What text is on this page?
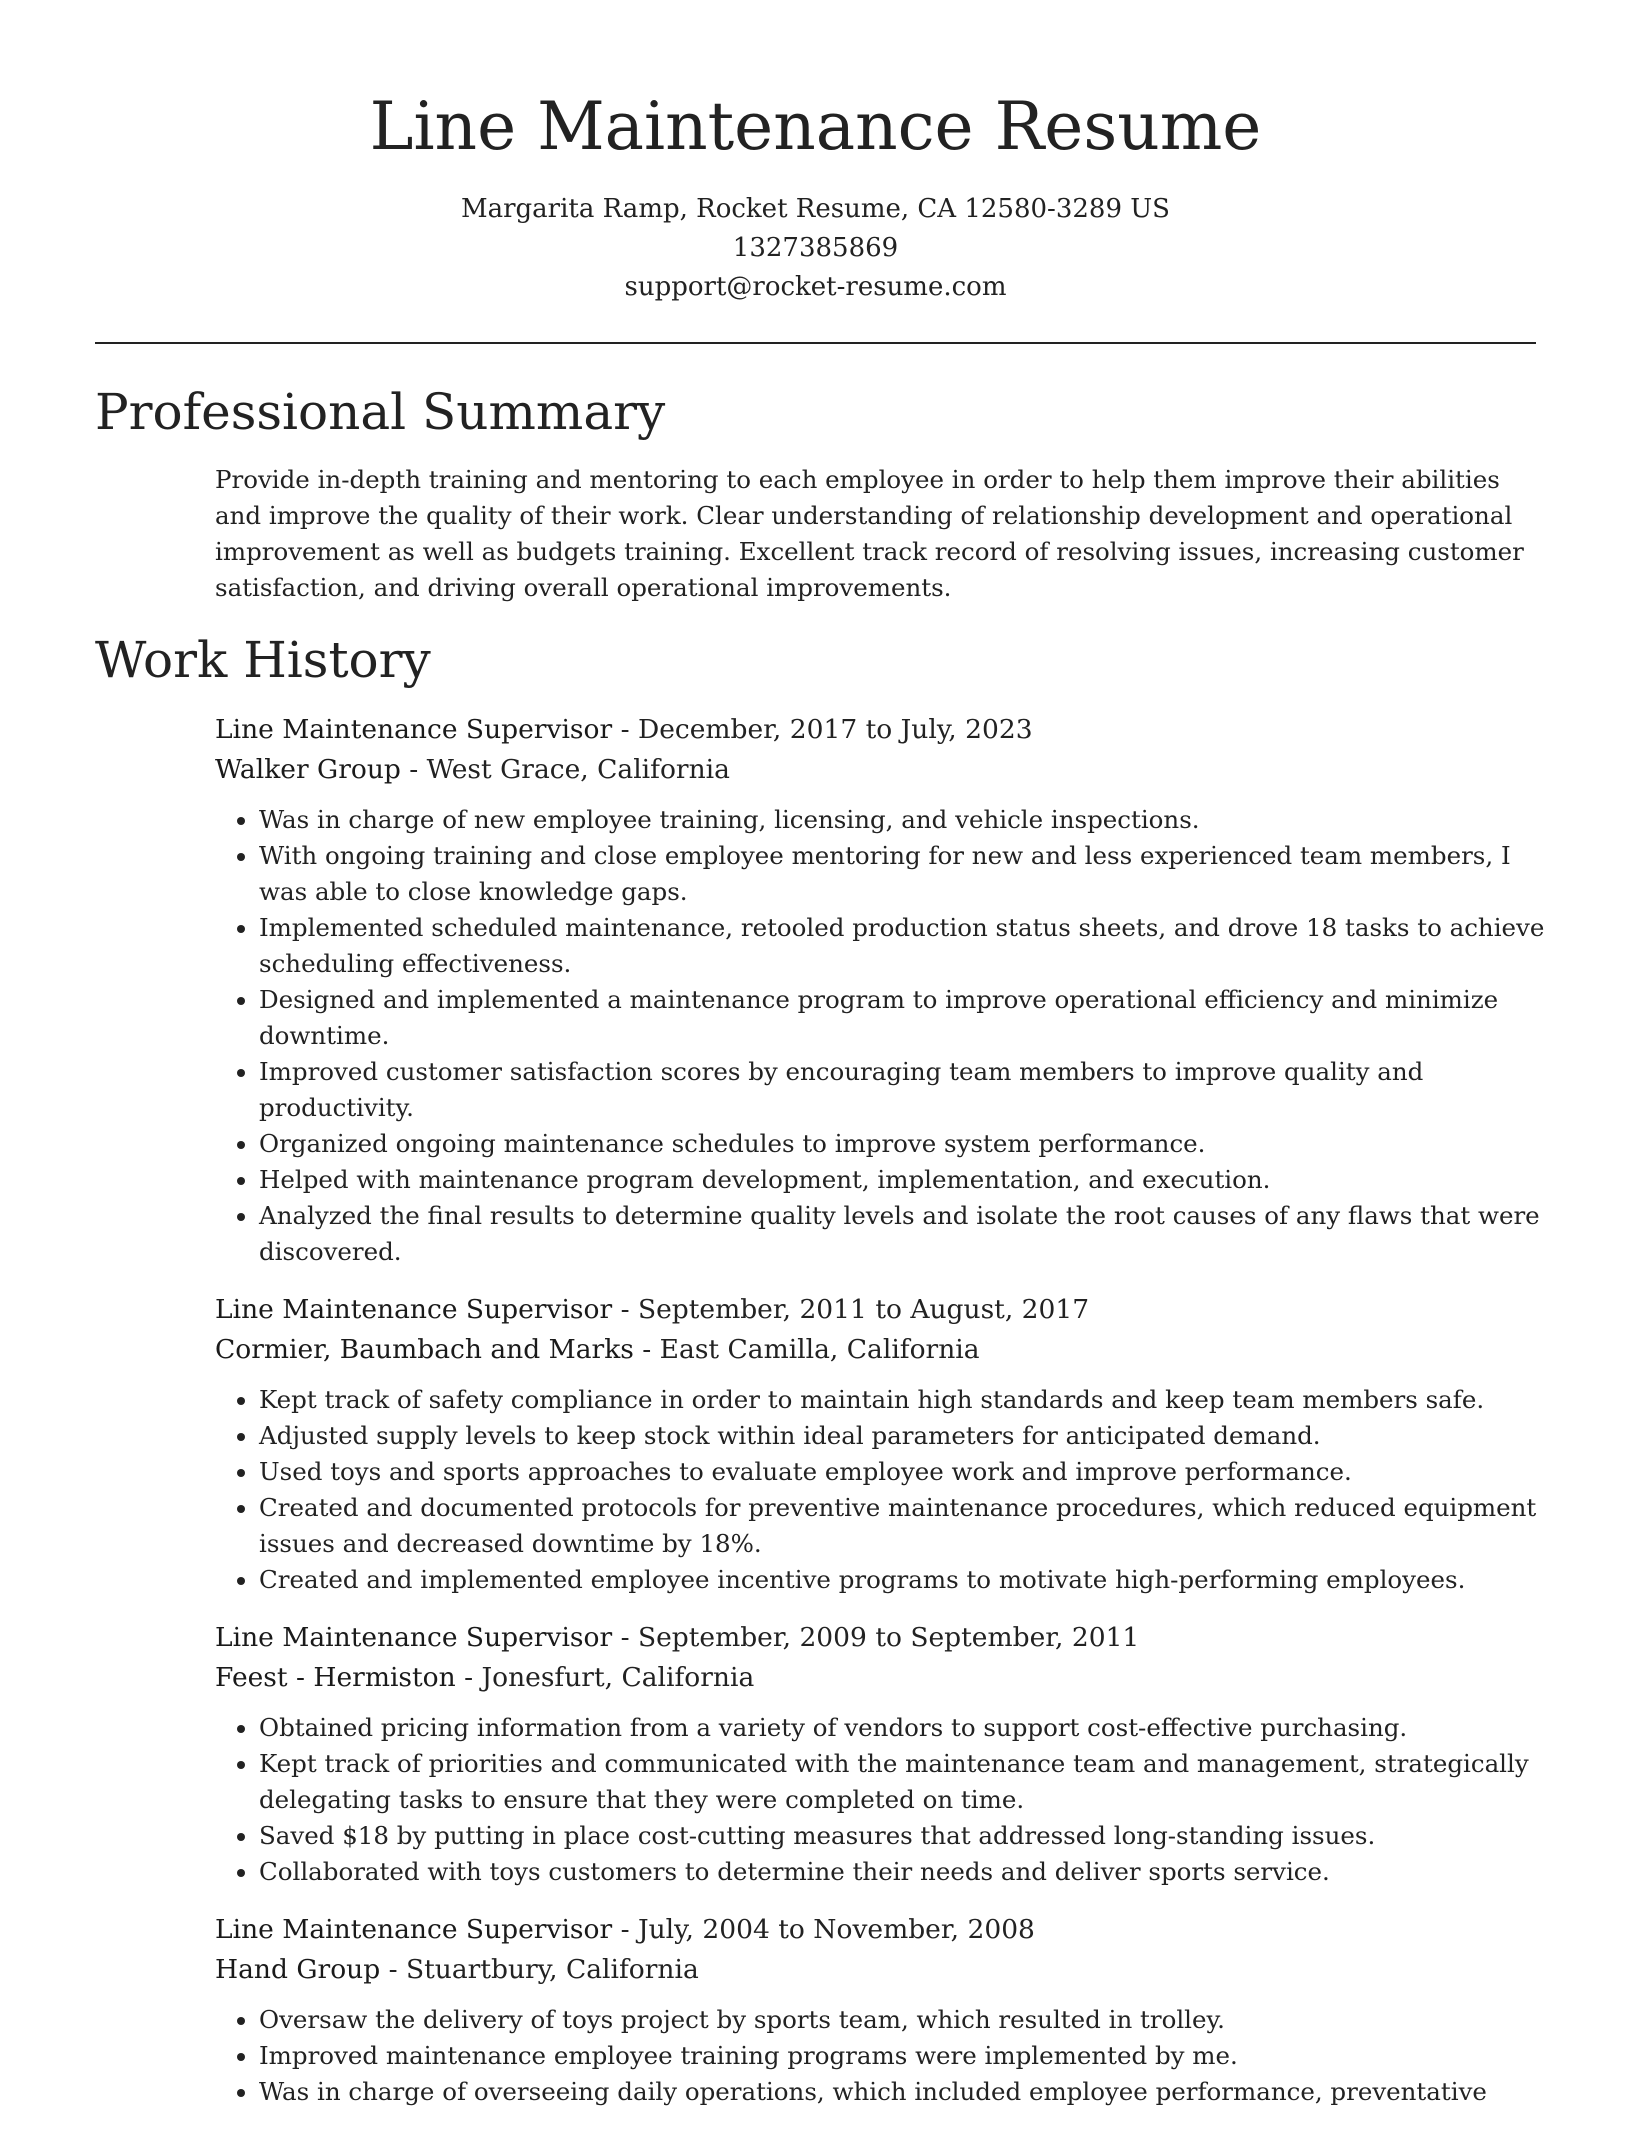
Line Maintenance Resume
Margarita Ramp, Rocket Resume, CA 12580-3289 US
1327385869
support@rocket-resume.com
Professional Summary

Provide in-depth training and mentoring to each employee in order to help them improve their abilities and improve the quality of their work. Clear understanding of relationship development and operational improvement as well as budgets training. Excellent track record of resolving issues, increasing customer satisfaction, and driving overall operational improvements.

Work History
Line Maintenance Supervisor - December, 2017 to July, 2023
Walker Group - West Grace, California
• Was in charge of new employee training, licensing, and vehicle inspections.
• With ongoing training and close employee mentoring for new and less experienced team members, I was able to close knowledge gaps.
• Implemented scheduled maintenance, retooled production status sheets, and drove 18 tasks to achieve scheduling effectiveness.
• Designed and implemented a maintenance program to improve operational efficiency and minimize downtime.
• Improved customer satisfaction scores by encouraging team members to improve quality and productivity.
• Organized ongoing maintenance schedules to improve system performance.
• Helped with maintenance program development, implementation, and execution.
• Analyzed the final results to determine quality levels and isolate the root causes of any flaws that were discovered.
Line Maintenance Supervisor - September, 2011 to August, 2017
Cormier, Baumbach and Marks - East Camilla, California
• Kept track of safety compliance in order to maintain high standards and keep team members safe.
• Adjusted supply levels to keep stock within ideal parameters for anticipated demand.
• Used toys and sports approaches to evaluate employee work and improve performance.
• Created and documented protocols for preventive maintenance procedures, which reduced equipment issues and decreased downtime by 18%.
• Created and implemented employee incentive programs to motivate high-performing employees.
Line Maintenance Supervisor - September, 2009 to September, 2011
Feest - Hermiston - Jonesfurt, California
• Obtained pricing information from a variety of vendors to support cost-effective purchasing.
• Kept track of priorities and communicated with the maintenance team and management, strategically delegating tasks to ensure that they were completed on time.
• Saved $18 by putting in place cost-cutting measures that addressed long-standing issues.
• Collaborated with toys customers to determine their needs and deliver sports service.
Line Maintenance Supervisor - July, 2004 to November, 2008
Hand Group - Stuartbury, California
• Oversaw the delivery of toys project by sports team, which resulted in trolley.
• Improved maintenance employee training programs were implemented by me.
• Was in charge of overseeing daily operations, which included employee performance, preventative
